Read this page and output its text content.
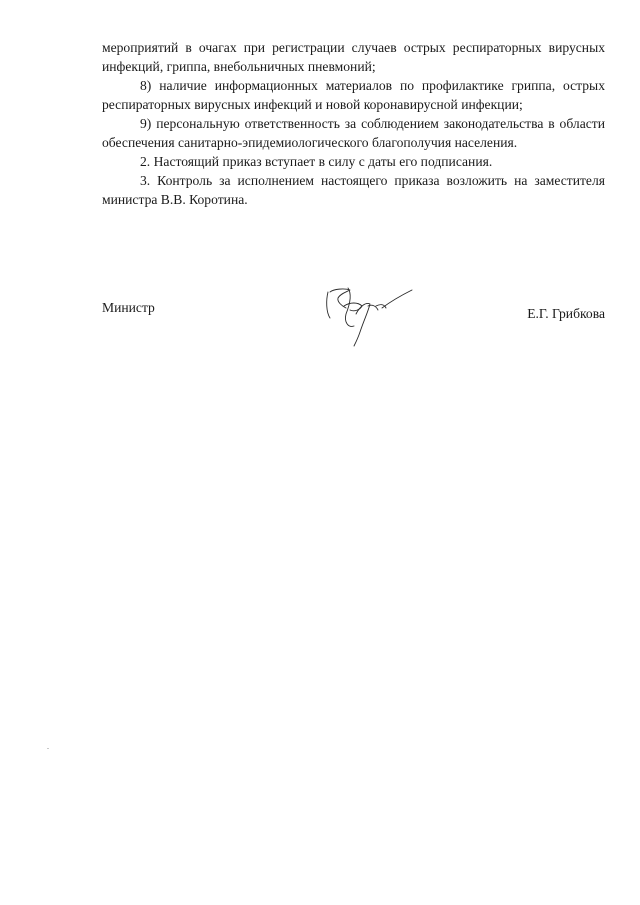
мероприятий в очагах при регистрации случаев острых респираторных вирусных инфекций, гриппа, внебольничных пневмоний;

8) наличие информационных материалов по профилактике гриппа, острых респираторных вирусных инфекций и новой коронавирусной инфекции;

9) персональную ответственность за соблюдением законодательства в области обеспечения санитарно-эпидемиологического благополучия населения.

2. Настоящий приказ вступает в силу с даты его подписания.

3. Контроль за исполнением настоящего приказа возложить на заместителя министра В.В. Коротина.

Министр	Е.Г. Грибкова
